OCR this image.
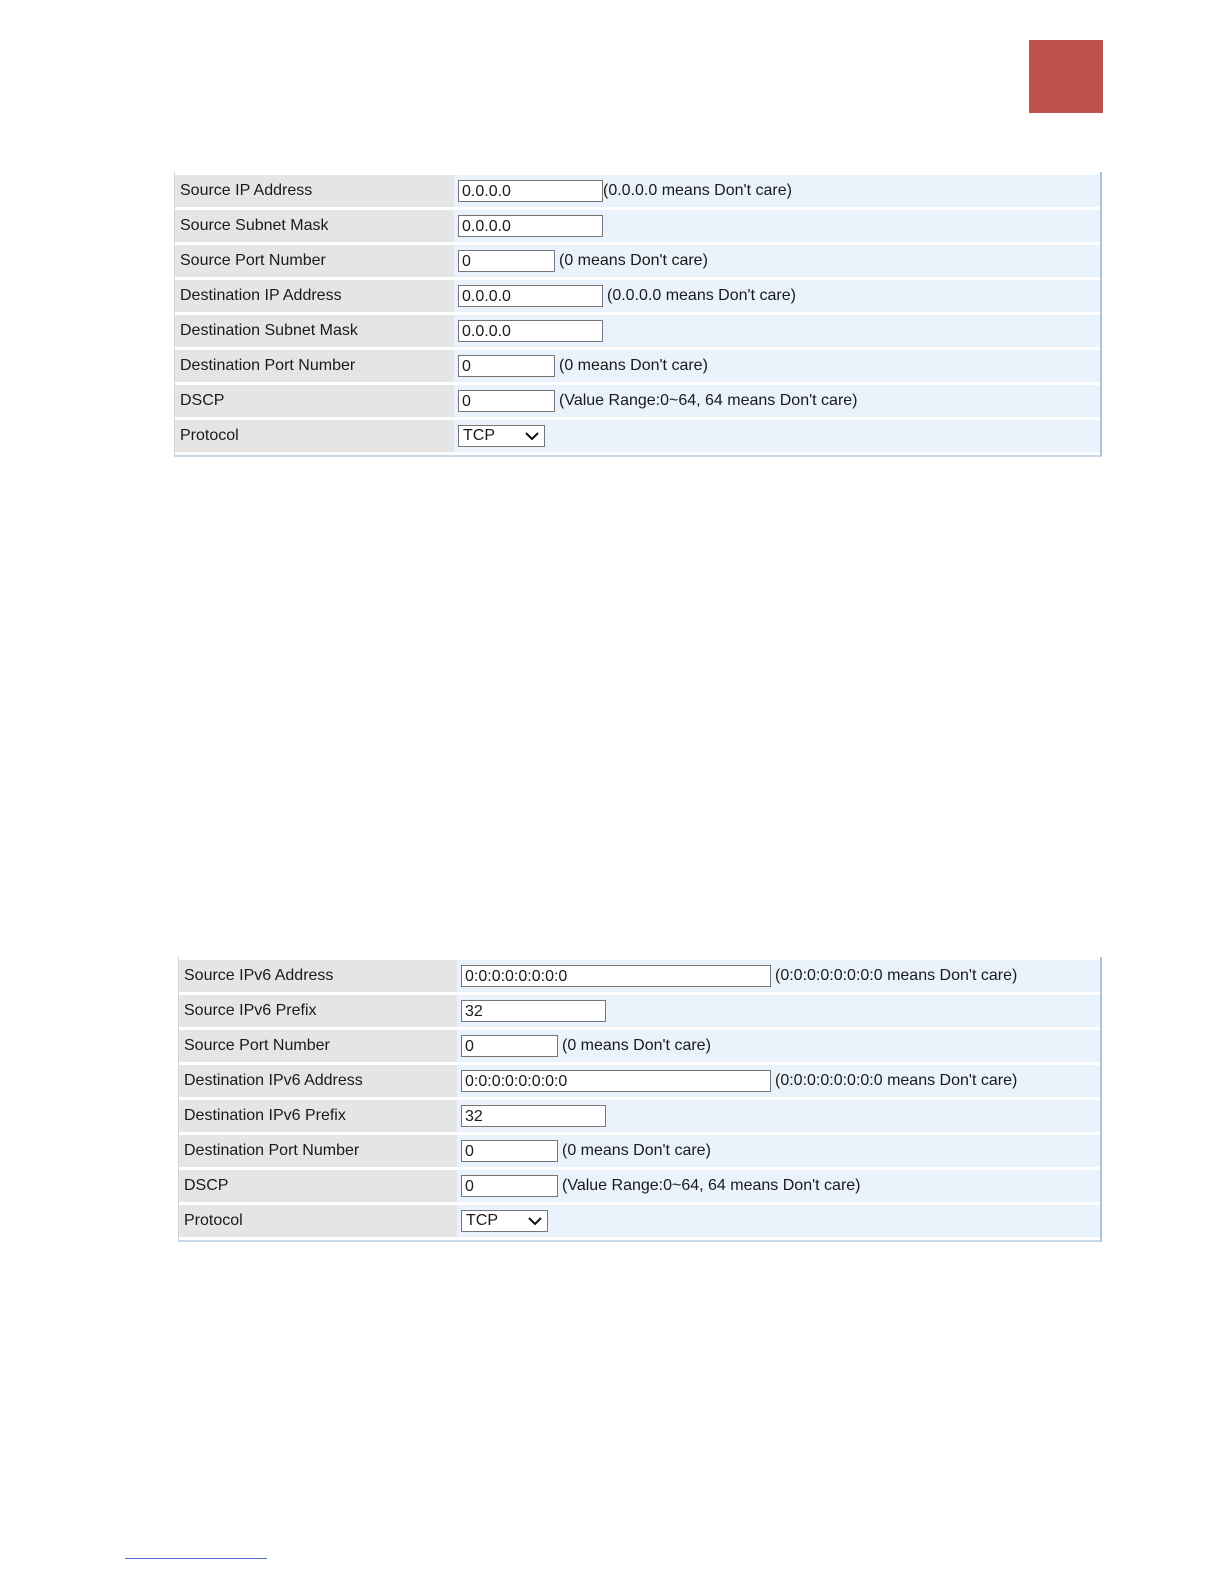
Source IP Address	0.0.0.0 (0.0.0.0 means Don't care)
Source Subnet Mask	0.0.0.0
Source Port Number	0 (0 means Don't care)
Destination IP Address	0.0.0.0 (0.0.0.0 means Don't care)
Destination Subnet Mask	0.0.0.0
Destination Port Number	0 (0 means Don't care)
DSCP	0 (Value Range:0~64, 64 means Don't care)
Protocol	TCP
Source IPv6 Address	0:0:0:0:0:0:0:0 (0:0:0:0:0:0:0:0 means Don't care)
Source IPv6 Prefix	32
Source Port Number	0 (0 means Don't care)
Destination IPv6 Address	0:0:0:0:0:0:0:0 (0:0:0:0:0:0:0:0 means Don't care)
Destination IPv6 Prefix	32
Destination Port Number	0 (0 means Don't care)
DSCP	0 (Value Range:0~64, 64 means Don't care)
Protocol	TCP
